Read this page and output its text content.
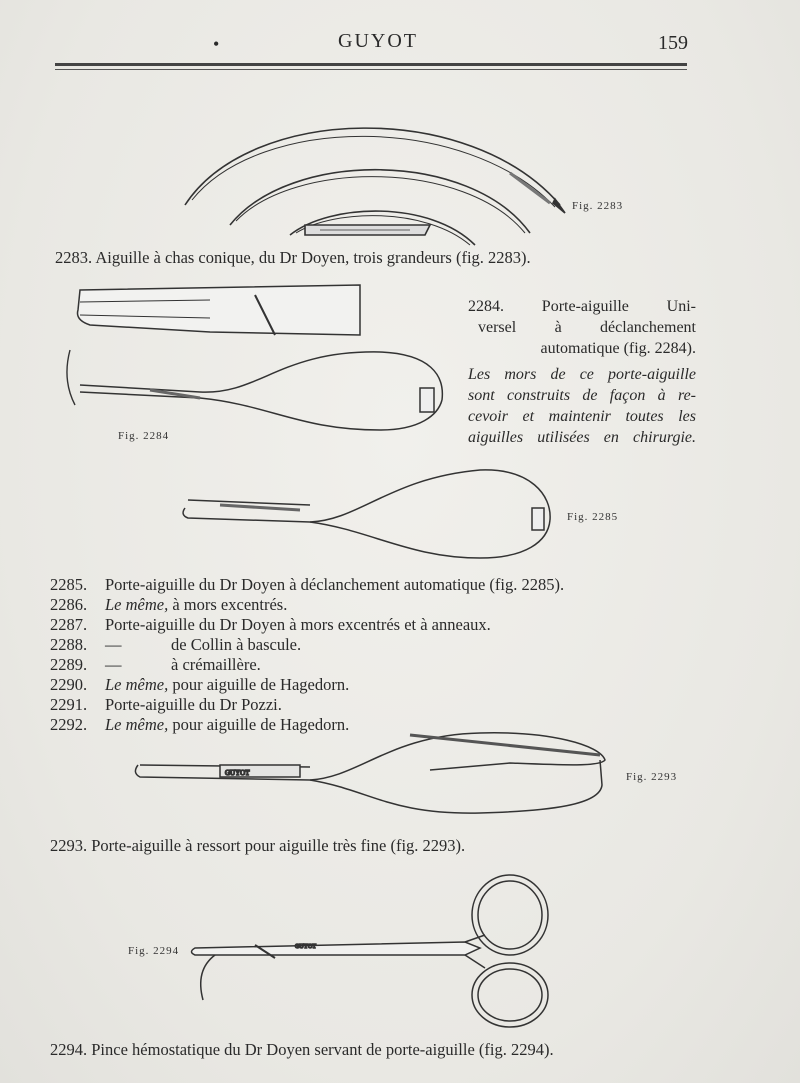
•	GUYOT	159
Fig. 2283
2283. Aiguille à chas conique, du Dr Doyen, trois grandeurs (fig. 2283).
Fig. 2284
2284. Porte-aiguille Uni-
versel à déclanchement
automatique (fig. 2284).
Les mors de ce porte-aiguille
sont construits de façon à re-
cevoir et maintenir toutes les
aiguilles utilisées en chirurgie.
Fig. 2285
2285. Porte-aiguille du Dr Doyen à déclanchement automatique (fig. 2285).
2286. Le même, à mors excentrés.
2287. Porte-aiguille du Dr Doyen à mors excentrés et à anneaux.
2288. —            de Collin à bascule.
2289. —            à crémaillère.
2290. Le même, pour aiguille de Hagedorn.
2291. Porte-aiguille du Dr Pozzi.
2292. Le même, pour aiguille de Hagedorn.
GUYOT	Fig. 2293
2293. Porte-aiguille à ressort pour aiguille très fine (fig. 2293).
GUYOT
Fig. 2294
2294. Pince hémostatique du Dr Doyen servant de porte-aiguille (fig. 2294).
